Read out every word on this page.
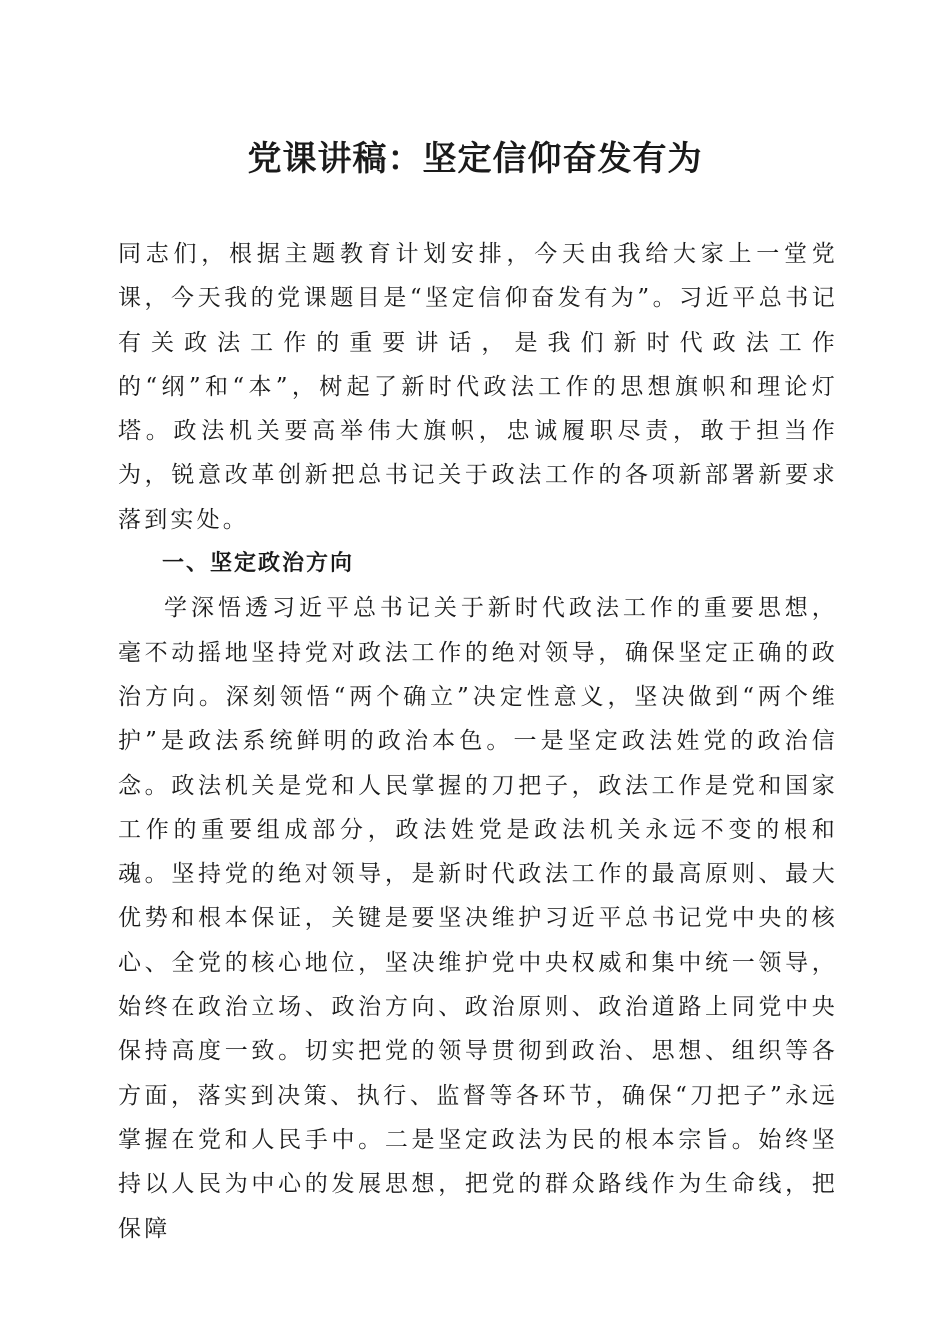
党课讲稿：坚定信仰奋发有为

同志们，根据主题教育计划安排，今天由我给大家上一堂党课，今天我的党课题目是“坚定信仰奋发有为”。习近平总书记有关政法工作的重要讲话，是我们新时代政法工作的“纲”和“本”，树起了新时代政法工作的思想旗帜和理论灯塔。政法机关要高举伟大旗帜，忠诚履职尽责，敢于担当作为，锐意改革创新把总书记关于政法工作的各项新部署新要求落到实处。

一、坚定政治方向

学深悟透习近平总书记关于新时代政法工作的重要思想，毫不动摇地坚持党对政法工作的绝对领导，确保坚定正确的政治方向。深刻领悟“两个确立”决定性意义，坚决做到“两个维护”是政法系统鲜明的政治本色。一是坚定政法姓党的政治信念。政法机关是党和人民掌握的刀把子，政法工作是党和国家工作的重要组成部分，政法姓党是政法机关永远不变的根和魂。坚持党的绝对领导，是新时代政法工作的最高原则、最大优势和根本保证，关键是要坚决维护习近平总书记党中央的核心、全党的核心地位，坚决维护党中央权威和集中统一领导，始终在政治立场、政治方向、政治原则、政治道路上同党中央保持高度一致。切实把党的领导贯彻到政治、思想、组织等各方面，落实到决策、执行、监督等各环节，确保“刀把子”永远掌握在党和人民手中。二是坚定政法为民的根本宗旨。始终坚持以人民为中心的发展思想，把党的群众路线作为生命线，把保障
